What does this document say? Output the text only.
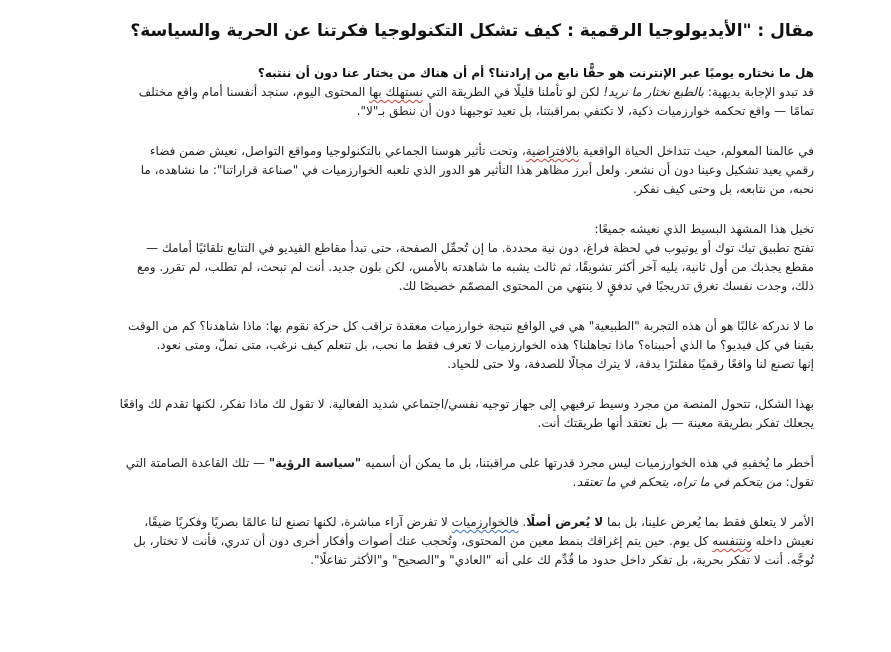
مقال : "الأيديولوجيا الرقمية : كيف تشكل التكنولوجيا فكرتنا عن الحرية والسياسة؟

هل ما نختاره يوميًا عبر الإنترنت هو حقًّا نابع من إرادتنا؟ أم أن هناك من يختار عنا دون أن ننتبه؟
قد تبدو الإجابة بديهية: بالطبع نختار ما نريد! لكن لو تأملنا قليلًا في الطريقة التي نستهلك بها المحتوى اليوم، سنجد أنفسنا أمام واقع مختلف تمامًا — واقع تحكمه خوارزميات ذكية، لا تكتفي بمراقبتنا، بل تعيد توجيهنا دون أن ننطق بـ"لا".

في عالمنا المعولم، حيث تتداخل الحياة الواقعية بالافتراضية، وتحت تأثير هوسنا الجماعي بالتكنولوجيا ومواقع التواصل، نعيش ضمن فضاء رقمي يعيد تشكيل وعينا دون أن نشعر. ولعل أبرز مظاهر هذا التأثير هو الدور الذي تلعبه الخوارزميات في "صناعة قراراتنا": ما نشاهده، ما نحبه، من نتابعه، بل وحتى كيف نفكر.

تخيل هذا المشهد البسيط الذي نعيشه جميعًا:
تفتح تطبيق تيك توك أو يوتيوب في لحظة فراغ، دون نية محددة. ما إن تُحمِّل الصفحة، حتى تبدأ مقاطع الفيديو في التتابع تلقائيًا أمامك — مقطع يجذبك من أول ثانية، يليه آخر أكثر تشويقًا، ثم ثالث يشبه ما شاهدته بالأمس، لكن بلون جديد. أنت لم تبحث، لم تطلب، لم تقرر. ومع ذلك، وجدت نفسك تغرق تدريجيًا في تدفقٍ لا ينتهي من المحتوى المصمّم خصيصًا لك.

ما لا ندركه غالبًا هو أن هذه التجربة "الطبيعية" هي في الواقع نتيجة خوارزميات معقدة تراقب كل حركة نقوم بها: ماذا شاهدنا؟ كم من الوقت بقينا في كل فيديو؟ ما الذي أحببناه؟ ماذا تجاهلنا؟ هذه الخوارزميات لا تعرف فقط ما نحب، بل تتعلم كيف نرغب، متى نملّ، ومتى نعود.
إنها تصنع لنا واقعًا رقميًا مفلترًا بدقة، لا يترك مجالًا للصدفة، ولا حتى للحياد.

بهذا الشكل، تتحول المنصة من مجرد وسيط ترفيهي إلى جهاز توجيه نفسي/اجتماعي شديد الفعالية. لا تقول لك ماذا تفكر، لكنها تقدم لك واقعًا يجعلك تفكر بطريقة معينة — بل تعتقد أنها طريقتك أنت.

أخطر ما يُخفيهِ في هذه الخوارزميات ليس مجرد قدرتها على مراقبتنا، بل ما يمكن أن أسميه "سياسة الرؤية" — تلك القاعدة الصامتة التي تقول: من يتحكم في ما تراه، يتحكم في ما تعتقد.

الأمر لا يتعلق فقط بما يُعرض علينا، بل بما لا يُعرض أصلًا. فالخوارزميات لا تفرض آراء مباشرة، لكنها تصنع لنا عالمًا بصريًا وفكريًا ضيقًا، نعيش داخله ونتنفسه كل يوم. حين يتم إغراقك بنمط معين من المحتوى، وتُحجب عنك أصوات وأفكار أخرى دون أن تدري، فأنت لا تختار، بل تُوجَّه. أنت لا تفكر بحرية، بل تفكر داخل حدود ما قُدِّم لك على أنه "العادي" و"الصحيح" و"الأكثر تفاعلًا".
